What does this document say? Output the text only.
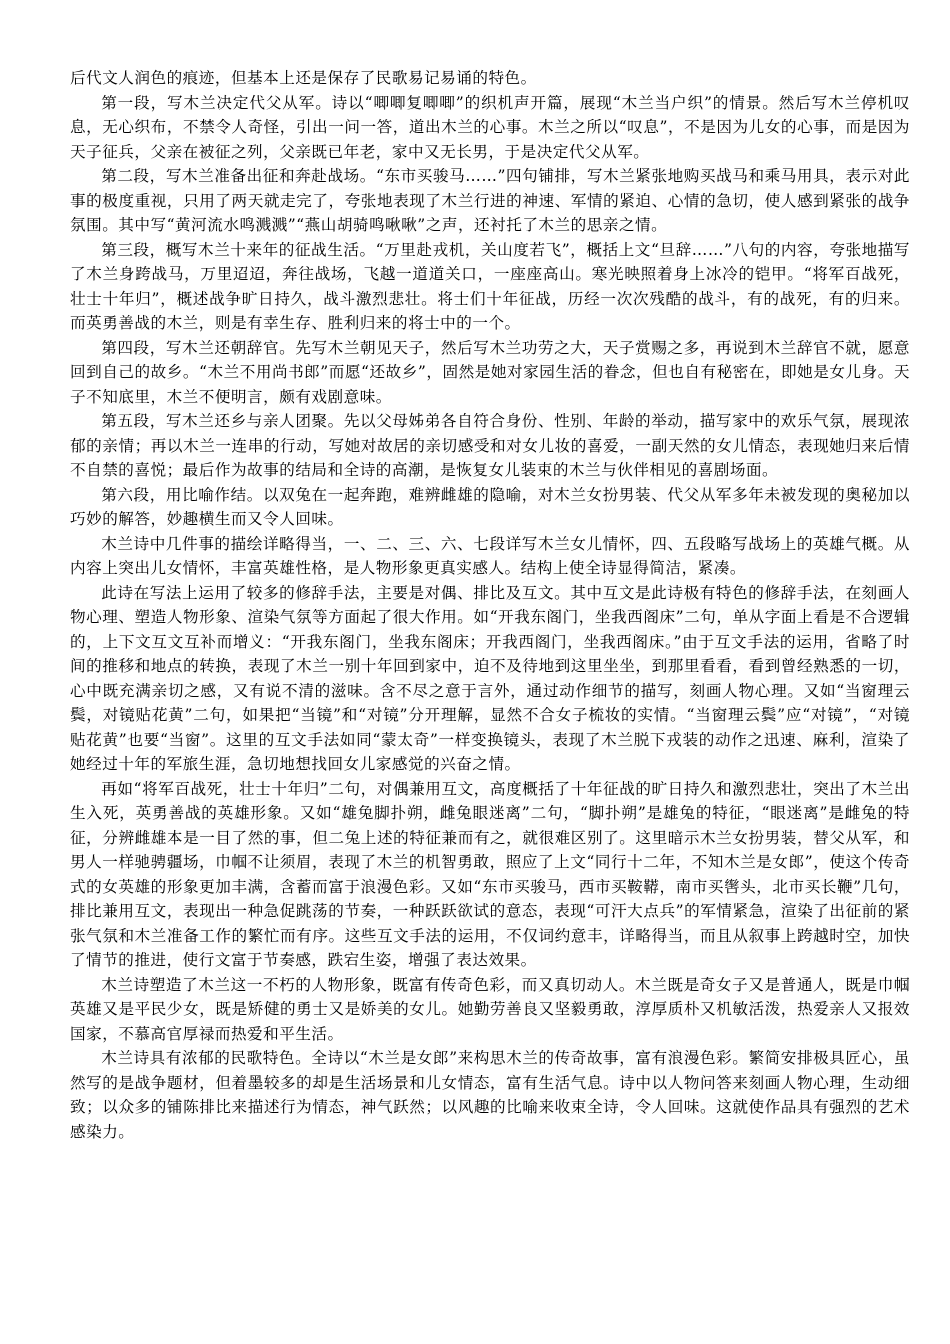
后代文人润色的痕迹，但基本上还是保存了民歌易记易诵的特色。

第一段，写木兰决定代父从军。诗以“唧唧复唧唧”的织机声开篇，展现“木兰当户织”的情景。然后写木兰停机叹息，无心织布，不禁令人奇怪，引出一问一答，道出木兰的心事。木兰之所以“叹息”，不是因为儿女的心事，而是因为天子征兵，父亲在被征之列，父亲既已年老，家中又无长男，于是决定代父从军。

第二段，写木兰准备出征和奔赴战场。“东市买骏马……”四句铺排，写木兰紧张地购买战马和乘马用具，表示对此事的极度重视，只用了两天就走完了，夸张地表现了木兰行进的神速、军情的紧迫、心情的急切，使人感到紧张的战争氛围。其中写“黄河流水鸣溅溅”“燕山胡骑鸣啾啾”之声，还衬托了木兰的思亲之情。

第三段，概写木兰十来年的征战生活。“万里赴戎机，关山度若飞”，概括上文“旦辞……”八句的内容，夸张地描写了木兰身跨战马，万里迢迢，奔往战场，飞越一道道关口，一座座高山。寒光映照着身上冰冷的铠甲。“将军百战死，壮士十年归”，概述战争旷日持久，战斗激烈悲壮。将士们十年征战，历经一次次残酷的战斗，有的战死，有的归来。而英勇善战的木兰，则是有幸生存、胜利归来的将士中的一个。

第四段，写木兰还朝辞官。先写木兰朝见天子，然后写木兰功劳之大，天子赏赐之多，再说到木兰辞官不就，愿意回到自己的故乡。“木兰不用尚书郎”而愿“还故乡”，固然是她对家园生活的眷念，但也自有秘密在，即她是女儿身。天子不知底里，木兰不便明言，颇有戏剧意味。

第五段，写木兰还乡与亲人团聚。先以父母姊弟各自符合身份、性别、年龄的举动，描写家中的欢乐气氛，展现浓郁的亲情；再以木兰一连串的行动，写她对故居的亲切感受和对女儿妆的喜爱，一副天然的女儿情态，表现她归来后情不自禁的喜悦；最后作为故事的结局和全诗的高潮，是恢复女儿装束的木兰与伙伴相见的喜剧场面。

第六段，用比喻作结。以双兔在一起奔跑，难辨雌雄的隐喻，对木兰女扮男装、代父从军多年未被发现的奥秘加以巧妙的解答，妙趣横生而又令人回味。

木兰诗中几件事的描绘详略得当，一、二、三、六、七段详写木兰女儿情怀，四、五段略写战场上的英雄气概。从内容上突出儿女情怀，丰富英雄性格，是人物形象更真实感人。结构上使全诗显得简洁，紧凑。

此诗在写法上运用了较多的修辞手法，主要是对偶、排比及互文。其中互文是此诗极有特色的修辞手法，在刻画人物心理、塑造人物形象、渲染气氛等方面起了很大作用。如“开我东阁门，坐我西阁床”二句，单从字面上看是不合逻辑的，上下文互文互补而增义：“开我东阁门，坐我东阁床；开我西阁门，坐我西阁床。”由于互文手法的运用，省略了时间的推移和地点的转换，表现了木兰一别十年回到家中，迫不及待地到这里坐坐，到那里看看，看到曾经熟悉的一切，心中既充满亲切之感，又有说不清的滋味。含不尽之意于言外，通过动作细节的描写，刻画人物心理。又如“当窗理云鬓，对镜贴花黄”二句，如果把“当镜”和“对镜”分开理解，显然不合女子梳妆的实情。“当窗理云鬓”应“对镜”，“对镜贴花黄”也要“当窗”。这里的互文手法如同“蒙太奇”一样变换镜头，表现了木兰脱下戎装的动作之迅速、麻利，渲染了她经过十年的军旅生涯，急切地想找回女儿家感觉的兴奋之情。

再如“将军百战死，壮士十年归”二句，对偶兼用互文，高度概括了十年征战的旷日持久和激烈悲壮，突出了木兰出生入死，英勇善战的英雄形象。又如“雄兔脚扑朔，雌兔眼迷离”二句，“脚扑朔”是雄兔的特征，“眼迷离”是雌兔的特征，分辨雌雄本是一目了然的事，但二兔上述的特征兼而有之，就很难区别了。这里暗示木兰女扮男装，替父从军，和男人一样驰骋疆场，巾帼不让须眉，表现了木兰的机智勇敢，照应了上文“同行十二年，不知木兰是女郎”，使这个传奇式的女英雄的形象更加丰满，含蓄而富于浪漫色彩。又如“东市买骏马，西市买鞍鞯，南市买辔头，北市买长鞭”几句，排比兼用互文，表现出一种急促跳荡的节奏，一种跃跃欲试的意态，表现“可汗大点兵”的军情紧急，渲染了出征前的紧张气氛和木兰准备工作的繁忙而有序。这些互文手法的运用，不仅词约意丰，详略得当，而且从叙事上跨越时空，加快了情节的推进，使行文富于节奏感，跌宕生姿，增强了表达效果。

木兰诗塑造了木兰这一不朽的人物形象，既富有传奇色彩，而又真切动人。木兰既是奇女子又是普通人，既是巾帼英雄又是平民少女，既是矫健的勇士又是娇美的女儿。她勤劳善良又坚毅勇敢，淳厚质朴又机敏活泼，热爱亲人又报效国家，不慕高官厚禄而热爱和平生活。

木兰诗具有浓郁的民歌特色。全诗以“木兰是女郎”来构思木兰的传奇故事，富有浪漫色彩。繁简安排极具匠心，虽然写的是战争题材，但着墨较多的却是生活场景和儿女情态，富有生活气息。诗中以人物问答来刻画人物心理，生动细致；以众多的铺陈排比来描述行为情态，神气跃然；以风趣的比喻来收束全诗，令人回味。这就使作品具有强烈的艺术感染力。
